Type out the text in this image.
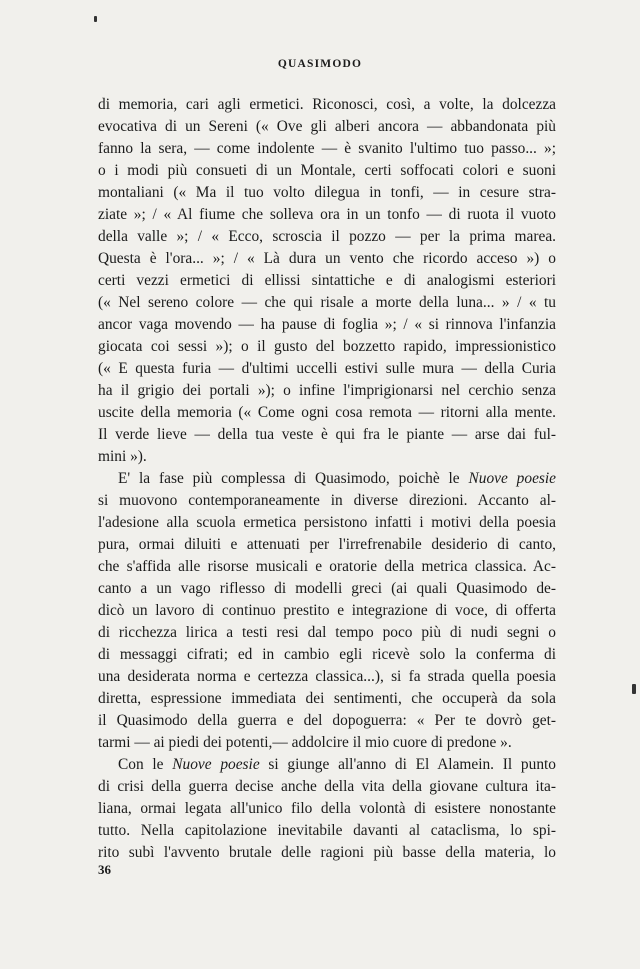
QUASIMODO

di memoria, cari agli ermetici. Riconosci, così, a volte, la dolcezza
evocativa di un Sereni (« Ove gli alberi ancora — abbandonata più
fanno la sera, — come indolente — è svanito l'ultimo tuo passo... »;
o i modi più consueti di un Montale, certi soffocati colori e suoni
montaliani (« Ma il tuo volto dilegua in tonfi, — in cesure stra-
ziate »; / « Al fiume che solleva ora in un tonfo — di ruota il vuoto
della valle »; / « Ecco, scroscia il pozzo — per la prima marea.
Questa è l'ora... »; / « Là dura un vento che ricordo acceso ») o
certi vezzi ermetici di ellissi sintattiche e di analogismi esteriori
(« Nel sereno colore — che qui risale a morte della luna... » / « tu
ancor vaga movendo — ha pause di foglia »; / « si rinnova l'infanzia
giocata coi sessi »); o il gusto del bozzetto rapido, impressionistico
(« E questa furia — d'ultimi uccelli estivi sulle mura — della Curia
ha il grigio dei portali »); o infine l'imprigionarsi nel cerchio senza
uscite della memoria (« Come ogni cosa remota — ritorni alla mente.
Il verde lieve — della tua veste è qui fra le piante — arse dai ful-
mini »).

E' la fase più complessa di Quasimodo, poichè le Nuove poesie
si muovono contemporaneamente in diverse direzioni. Accanto al-
l'adesione alla scuola ermetica persistono infatti i motivi della poesia
pura, ormai diluiti e attenuati per l'irrefrenabile desiderio di canto,
che s'affida alle risorse musicali e oratorie della metrica classica. Ac-
canto a un vago riflesso di modelli greci (ai quali Quasimodo de-
dicò un lavoro di continuo prestito e integrazione di voce, di offerta
di ricchezza lirica a testi resi dal tempo poco più di nudi segni o
di messaggi cifrati; ed in cambio egli ricevè solo la conferma di
una desiderata norma e certezza classica...), si fa strada quella poesia
diretta, espressione immediata dei sentimenti, che occuperà da sola
il Quasimodo della guerra e del dopoguerra: « Per te dovrò get-
tarmi — ai piedi dei potenti,— addolcire il mio cuore di predone ».

Con le Nuove poesie si giunge all'anno di El Alamein. Il punto
di crisi della guerra decise anche della vita della giovane cultura ita-
liana, ormai legata all'unico filo della volontà di esistere nonostante
tutto. Nella capitolazione inevitabile davanti al cataclisma, lo spi-
rito subì l'avvento brutale delle ragioni più basse della materia, lo

36
